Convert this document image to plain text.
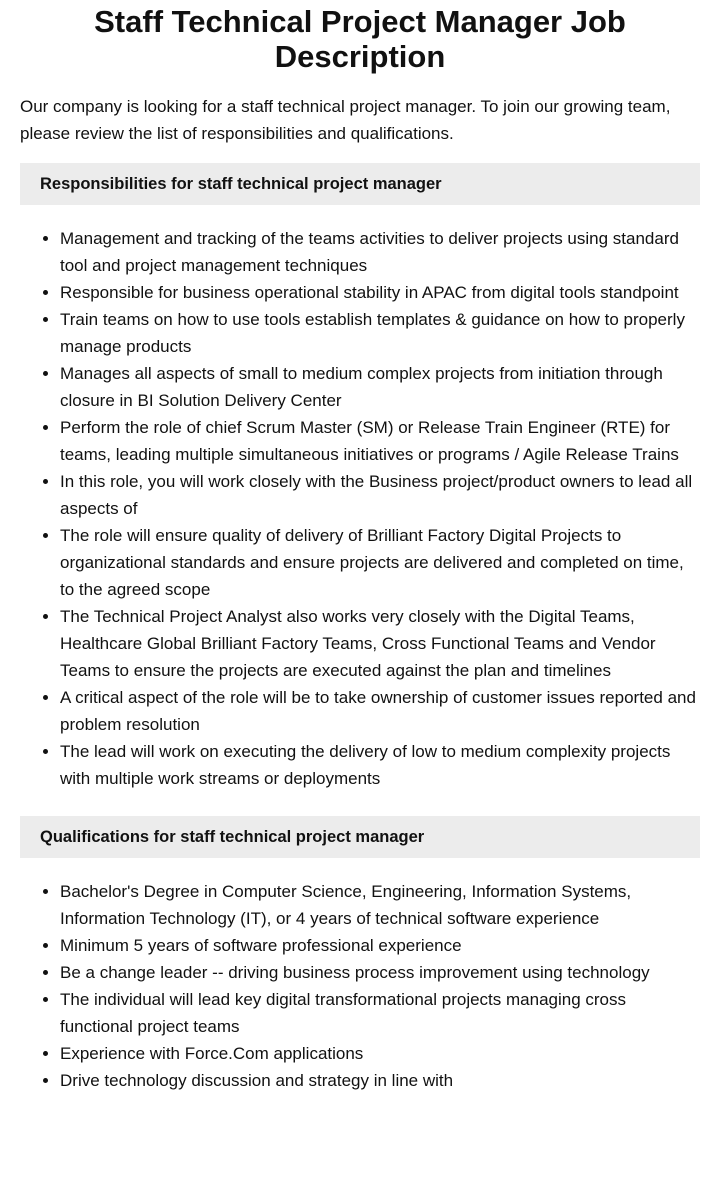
Staff Technical Project Manager Job Description

Our company is looking for a staff technical project manager. To join our growing team, please review the list of responsibilities and qualifications.

Responsibilities for staff technical project manager
• Management and tracking of the teams activities to deliver projects using standard tool and project management techniques
• Responsible for business operational stability in APAC from digital tools standpoint
• Train teams on how to use tools establish templates & guidance on how to properly manage products
• Manages all aspects of small to medium complex projects from initiation through closure in BI Solution Delivery Center
• Perform the role of chief Scrum Master (SM) or Release Train Engineer (RTE) for teams, leading multiple simultaneous initiatives or programs / Agile Release Trains
• In this role, you will work closely with the Business project/product owners to lead all aspects of
• The role will ensure quality of delivery of Brilliant Factory Digital Projects to organizational standards and ensure projects are delivered and completed on time, to the agreed scope
• The Technical Project Analyst also works very closely with the Digital Teams, Healthcare Global Brilliant Factory Teams, Cross Functional Teams and Vendor Teams to ensure the projects are executed against the plan and timelines
• A critical aspect of the role will be to take ownership of customer issues reported and problem resolution
• The lead will work on executing the delivery of low to medium complexity projects with multiple work streams or deployments
Qualifications for staff technical project manager
• Bachelor's Degree in Computer Science, Engineering, Information Systems, Information Technology (IT), or 4 years of technical software experience
• Minimum 5 years of software professional experience
• Be a change leader -- driving business process improvement using technology
• The individual will lead key digital transformational projects managing cross functional project teams
• Experience with Force.Com applications
• Drive technology discussion and strategy in line with
